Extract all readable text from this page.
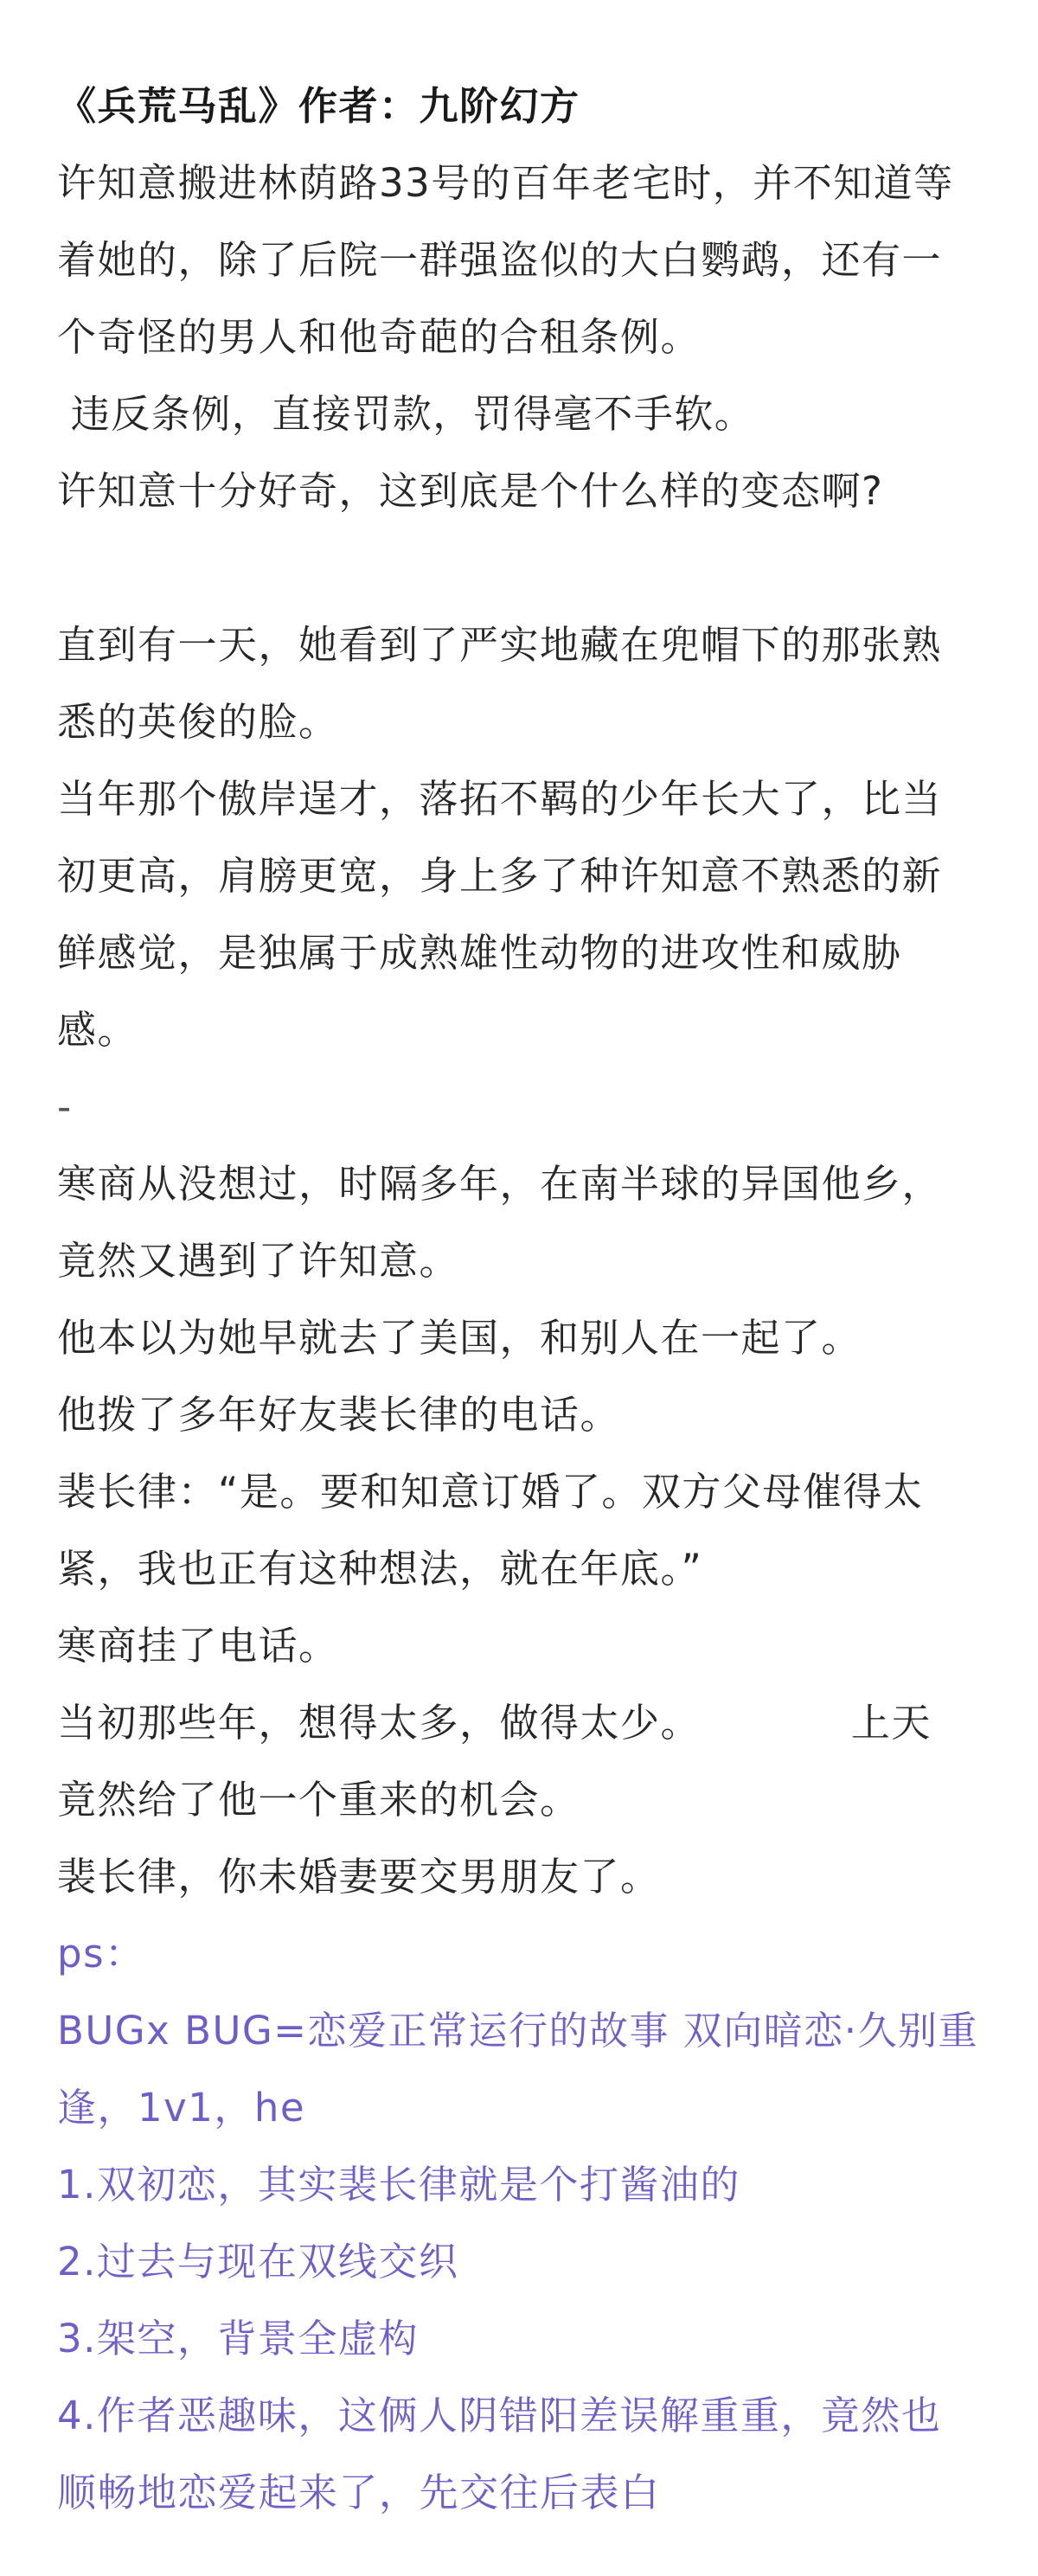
《兵荒马乱》作者：九阶幻方
许知意搬进林荫路33号的百年老宅时，并不知道等
着她的，除了后院一群强盗似的大白鹦鹉，还有一
个奇怪的男人和他奇葩的合租条例。
违反条例，直接罚款，罚得毫不手软。
许知意十分好奇，这到底是个什么样的变态啊?
直到有一天，她看到了严实地藏在兜帽下的那张熟
悉的英俊的脸。
当年那个傲岸逞才，落拓不羁的少年长大了，比当
初更高，肩膀更宽，身上多了种许知意不熟悉的新
鲜感觉，是独属于成熟雄性动物的进攻性和威胁
感。
-
寒商从没想过，时隔多年，在南半球的异国他乡，
竟然又遇到了许知意。
他本以为她早就去了美国，和别人在一起了。
他拨了多年好友裴长律的电话。
裴长律：“是。要和知意订婚了。双方父母催得太
紧，我也正有这种想法，就在年底。”
寒商挂了电话。
当初那些年，想得太多，做得太少。           上天
竟然给了他一个重来的机会。
裴长律，你未婚妻要交男朋友了。
ps：
BUGx BUG=恋爱正常运行的故事 双向暗恋·久别重
逢，1v1，he
1.双初恋，其实裴长律就是个打酱油的
2.过去与现在双线交织
3.架空，背景全虚构
4.作者恶趣味，这俩人阴错阳差误解重重，竟然也
顺畅地恋爱起来了，先交往后表白
